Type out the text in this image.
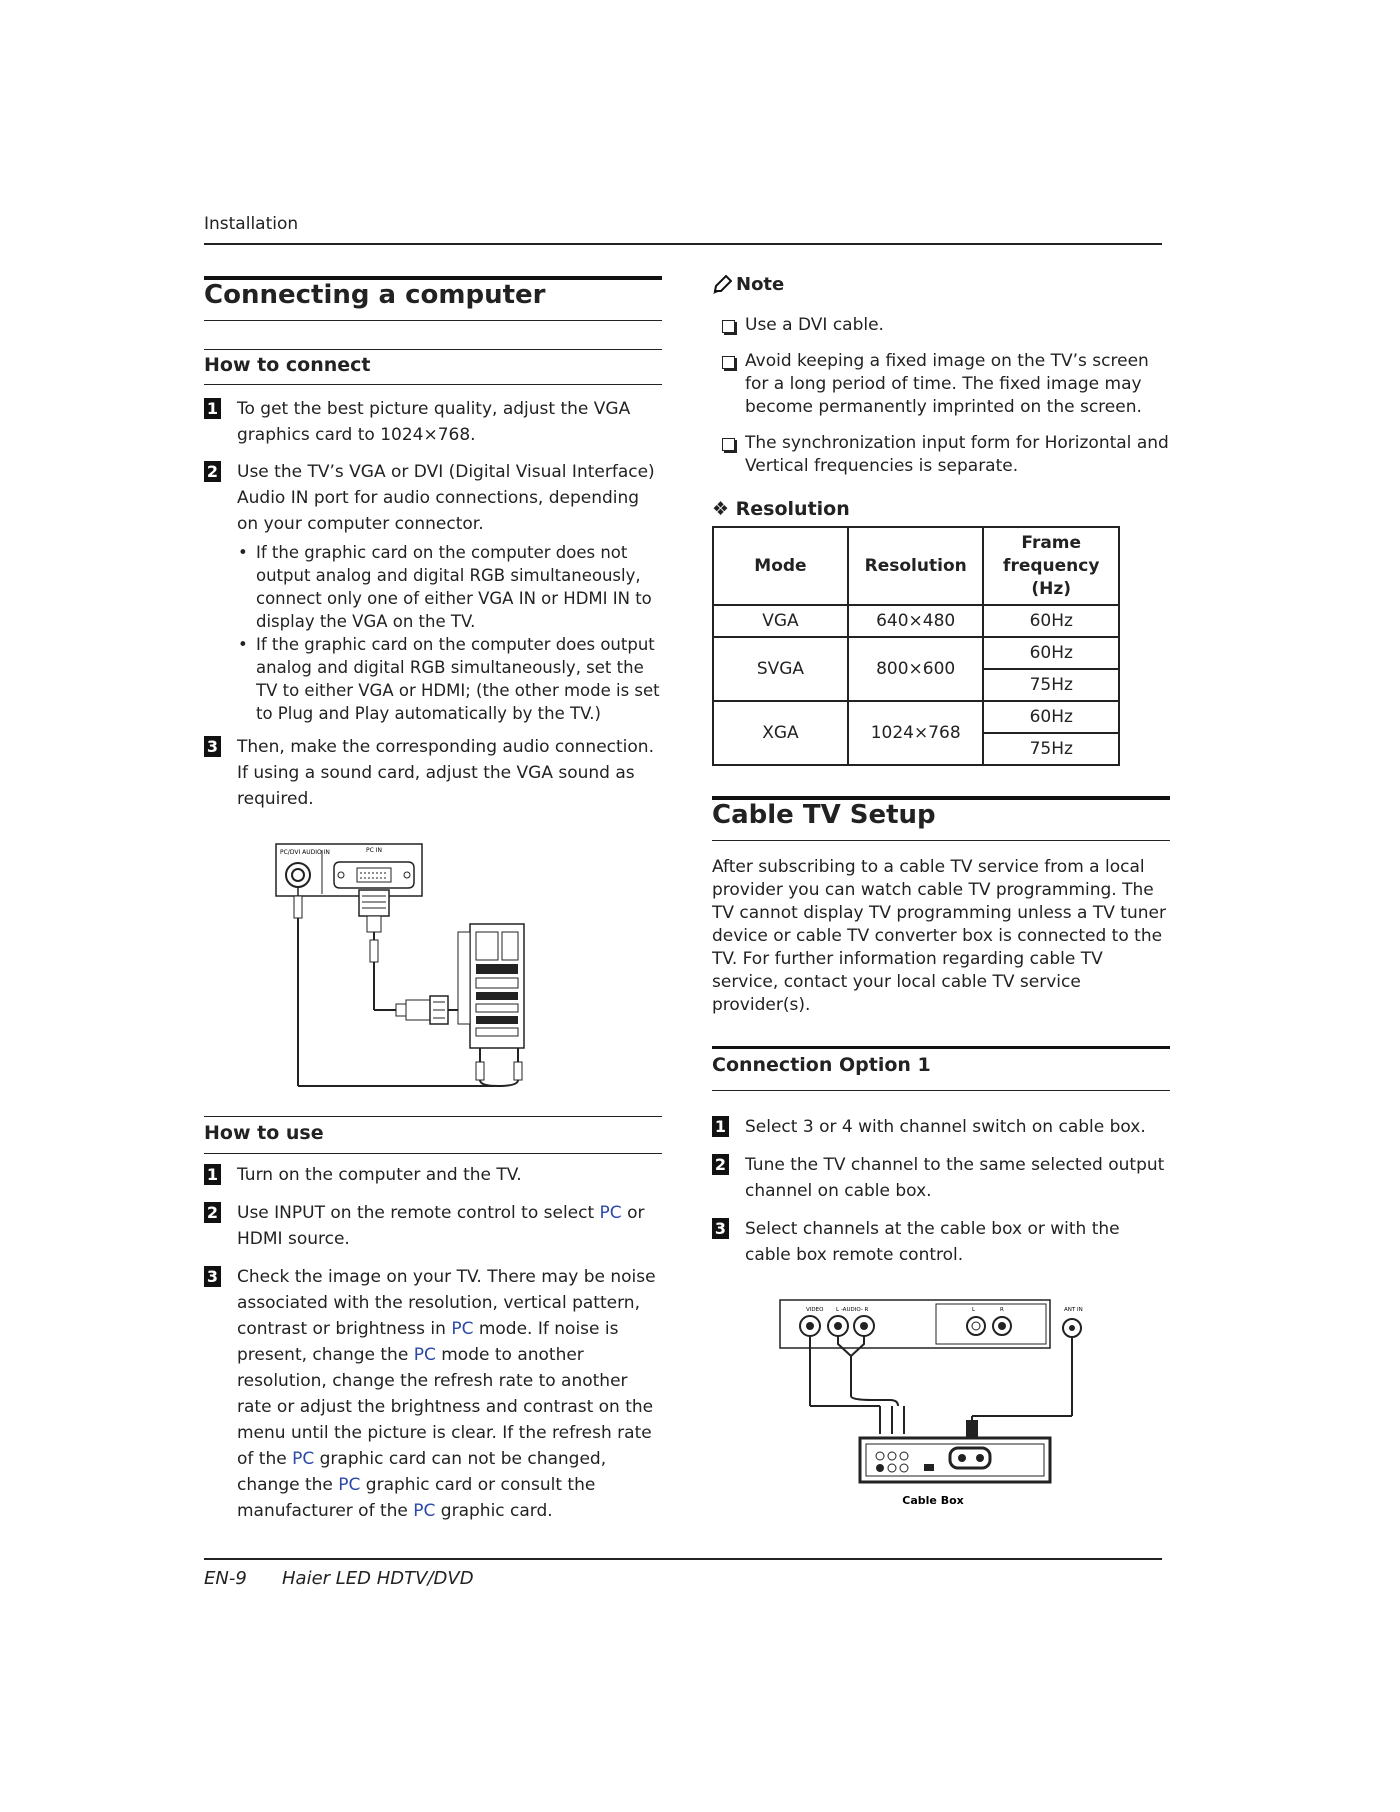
Installation
Connecting a computer
How to connect
1 To get the best picture quality, adjust the VGA graphics card to 1024×768.
2 Use the TV’s VGA or DVI (Digital Visual Interface) Audio IN port for audio connections, depending on your computer connector.
• If the graphic card on the computer does not output analog and digital RGB simultaneously, connect only one of either VGA IN or HDMI IN to display the VGA on the TV.
• If the graphic card on the computer does output analog and digital RGB simultaneously, set the TV to either VGA or HDMI; (the other mode is set to Plug and Play automatically by the TV.)
3 Then, make the corresponding audio connection. If using a sound card, adjust the VGA sound as required.
PC/DVI AUDIO IN	PC IN
How to use
1 Turn on the computer and the TV.
2 Use INPUT on the remote control to select PC or HDMI source.
3 Check the image on your TV. There may be noise associated with the resolution, vertical pattern, contrast or brightness in PC mode. If noise is present, change the PC mode to another resolution, change the refresh rate to another rate or adjust the brightness and contrast on the menu until the picture is clear. If the refresh rate of the PC graphic card can not be changed, change the PC graphic card or consult the manufacturer of the PC graphic card.
Note
Use a DVI cable.
Avoid keeping a fixed image on the TV’s screen for a long period of time. The fixed image may become permanently imprinted on the screen.
The synchronization input form for Horizontal and Vertical frequencies is separate.
❖ Resolution
Mode	Resolution	Frame frequency (Hz)
VGA	640×480	60Hz
SVGA	800×600	60Hz
		75Hz
XGA	1024×768	60Hz
		75Hz
Cable TV Setup
After subscribing to a cable TV service from a local provider you can watch cable TV programming. The TV cannot display TV programming unless a TV tuner device or cable TV converter box is connected to the TV. For further information regarding cable TV service, contact your local cable TV service provider(s).
Connection Option 1
1 Select 3 or 4 with channel switch on cable box.
2 Tune the TV channel to the same selected output channel on cable box.
3 Select channels at the cable box or with the cable box remote control.
VIDEO L -AUDIO- R	L	R	ANT IN
Cable Box
EN-9 Haier LED HDTV/DVD
